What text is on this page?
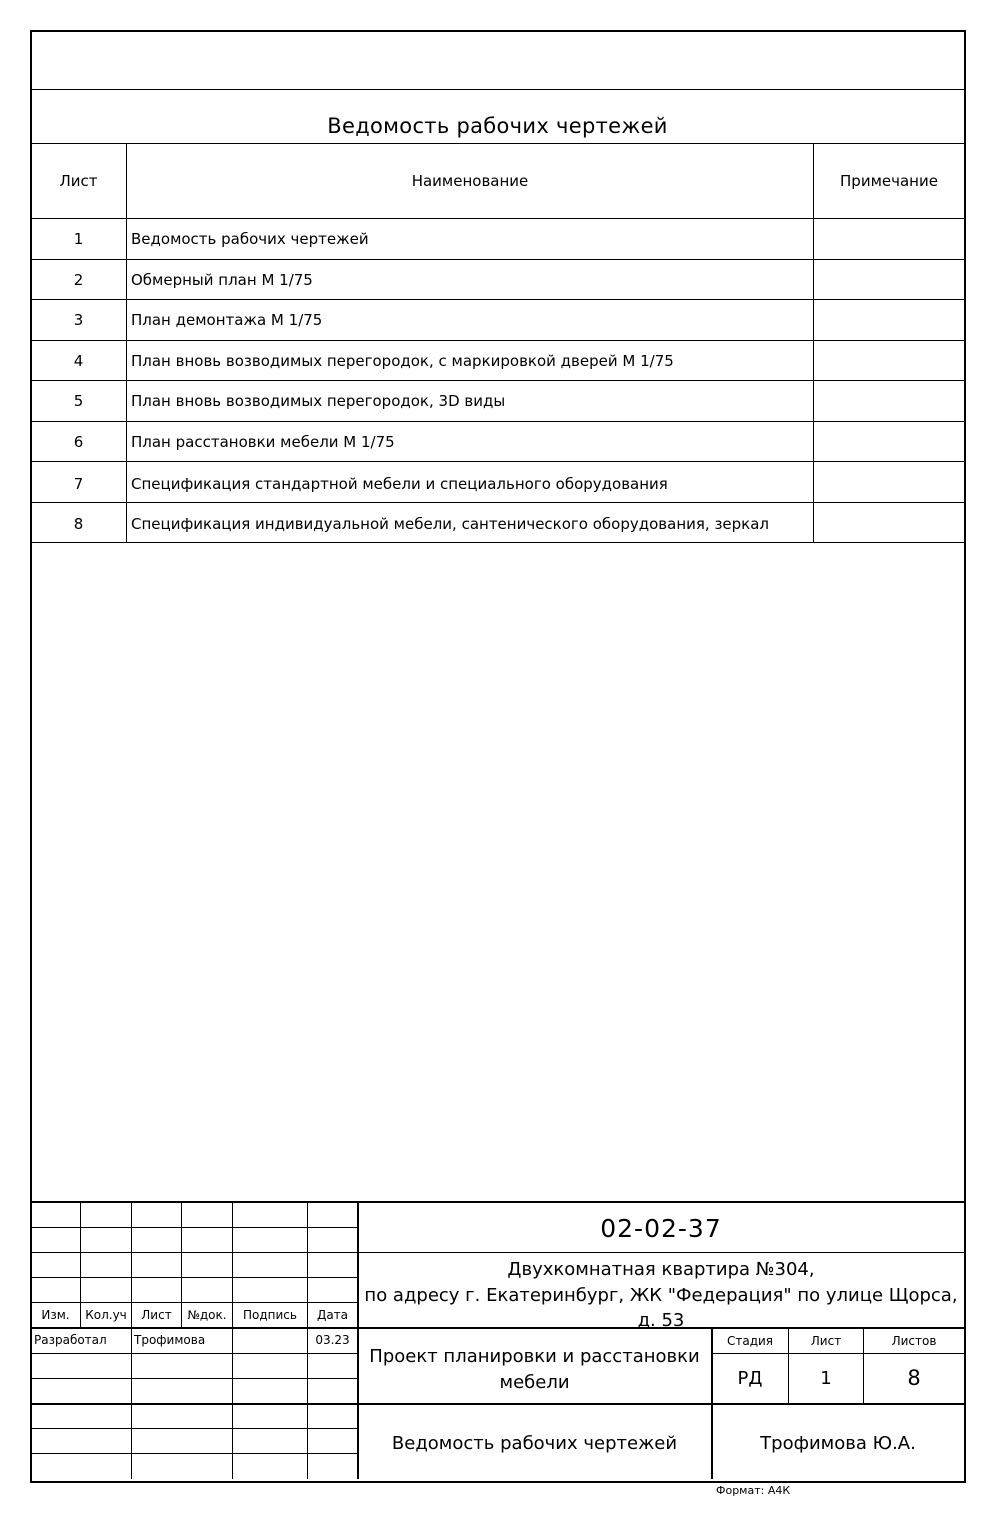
Ведомость рабочих чертежей
Лист	Наименование	Примечание
1	Ведомость рабочих чертежей
2	Обмерный план М 1/75
3	План демонтажа М 1/75
4	План вновь возводимых перегородок, с маркировкой дверей М 1/75
5	План вновь возводимых перегородок, 3D виды
6	План расстановки мебели М 1/75
7	Спецификация стандартной мебели и специального оборудования
8	Спецификация индивидуальной мебели, сантенического оборудования, зеркал
Изм.	Кол.уч	Лист	№док.	Подпись	Дата
Разработал Трофимова	03.23
02-02-37
Двухкомнатная квартира №304,
по адресу г. Екатеринбург, ЖК "Федерация" по улице Щорса,
д. 53
Проект планировки и расстановки
мебели
Стадия	Лист	Листов
РД	1	8
Ведомость рабочих чертежей	Трофимова Ю.А.
Формат: А4К
